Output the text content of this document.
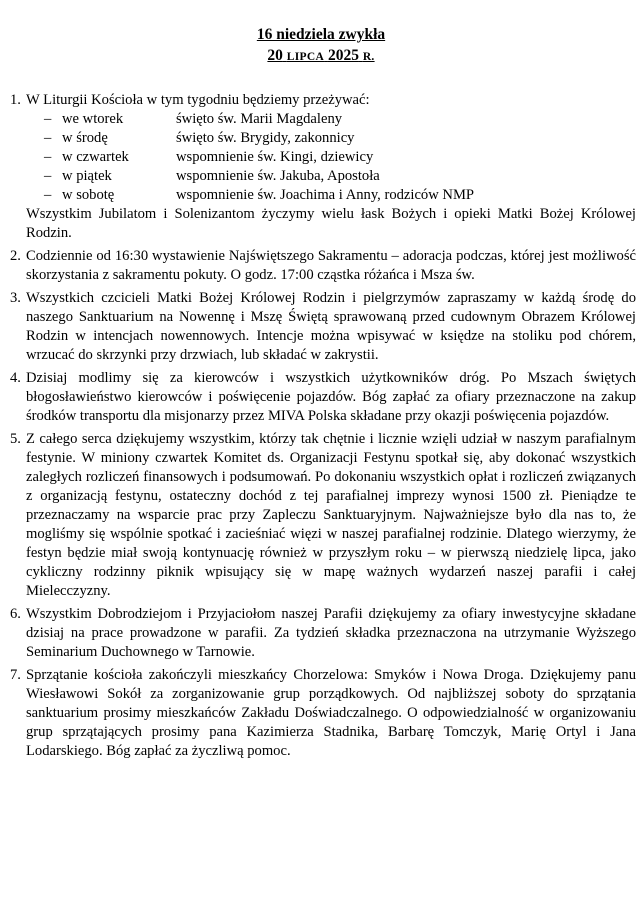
16 niedziela zwykła
20 LIPCA 2025 R.
1. W Liturgii Kościoła w tym tygodniu będziemy przeżywać:
– we wtorek	święto św. Marii Magdaleny
– w środę	święto św. Brygidy, zakonnicy
– w czwartek	wspomnienie św. Kingi, dziewicy
– w piątek	wspomnienie św. Jakuba, Apostoła
– w sobotę	wspomnienie św. Joachima i Anny, rodziców NMP
Wszystkim Jubilatom i Solenizantom życzymy wielu łask Bożych i opieki Matki Bożej Królowej Rodzin.
2. Codziennie od 16:30 wystawienie Najświętszego Sakramentu – adoracja podczas, której jest możliwość skorzystania z sakramentu pokuty. O godz. 17:00 cząstka różańca i Msza św.
3. Wszystkich czcicieli Matki Bożej Królowej Rodzin i pielgrzymów zapraszamy w każdą środę do naszego Sanktuarium na Nowennę i Mszę Świętą sprawowaną przed cudownym Obrazem Królowej Rodzin w intencjach nowennowych. Intencje można wpisywać w księdze na stoliku pod chórem, wrzucać do skrzynki przy drzwiach, lub składać w zakrystii.
4. Dzisiaj modlimy się za kierowców i wszystkich użytkowników dróg. Po Mszach świętych błogosławieństwo kierowców i poświęcenie pojazdów. Bóg zapłać za ofiary przeznaczone na zakup środków transportu dla misjonarzy przez MIVA Polska składane przy okazji poświęcenia pojazdów.
5. Z całego serca dziękujemy wszystkim, którzy tak chętnie i licznie wzięli udział w naszym parafialnym festynie. W miniony czwartek Komitet ds. Organizacji Festynu spotkał się, aby dokonać wszystkich zaległych rozliczeń finansowych i podsumowań. Po dokonaniu wszystkich opłat i rozliczeń związanych z organizacją festynu, ostateczny dochód z tej parafialnej imprezy wynosi 1500 zł. Pieniądze te przeznaczamy na wsparcie prac przy Zapleczu Sanktuaryjnym. Najważniejsze było dla nas to, że mogliśmy się wspólnie spotkać i zacieśniać więzi w naszej parafialnej rodzinie. Dlatego wierzymy, że festyn będzie miał swoją kontynuację również w przyszłym roku – w pierwszą niedzielę lipca, jako cykliczny rodzinny piknik wpisujący się w mapę ważnych wydarzeń naszej parafii i całej Mielecczyzny.
6. Wszystkim Dobrodziejom i Przyjaciołom naszej Parafii dziękujemy za ofiary inwestycyjne składane dzisiaj na prace prowadzone w parafii. Za tydzień składka przeznaczona na utrzymanie Wyższego Seminarium Duchownego w Tarnowie.
7. Sprzątanie kościoła zakończyli mieszkańcy Chorzelowa: Smyków i Nowa Droga. Dziękujemy panu Wiesławowi Sokół za zorganizowanie grup porządkowych. Od najbliższej soboty do sprzątania sanktuarium prosimy mieszkańców Zakładu Doświadczalnego. O odpowiedzialność w organizowaniu grup sprzątających prosimy pana Kazimierza Stadnika, Barbarę Tomczyk, Marię Ortyl i Jana Lodarskiego. Bóg zapłać za życzliwą pomoc.
